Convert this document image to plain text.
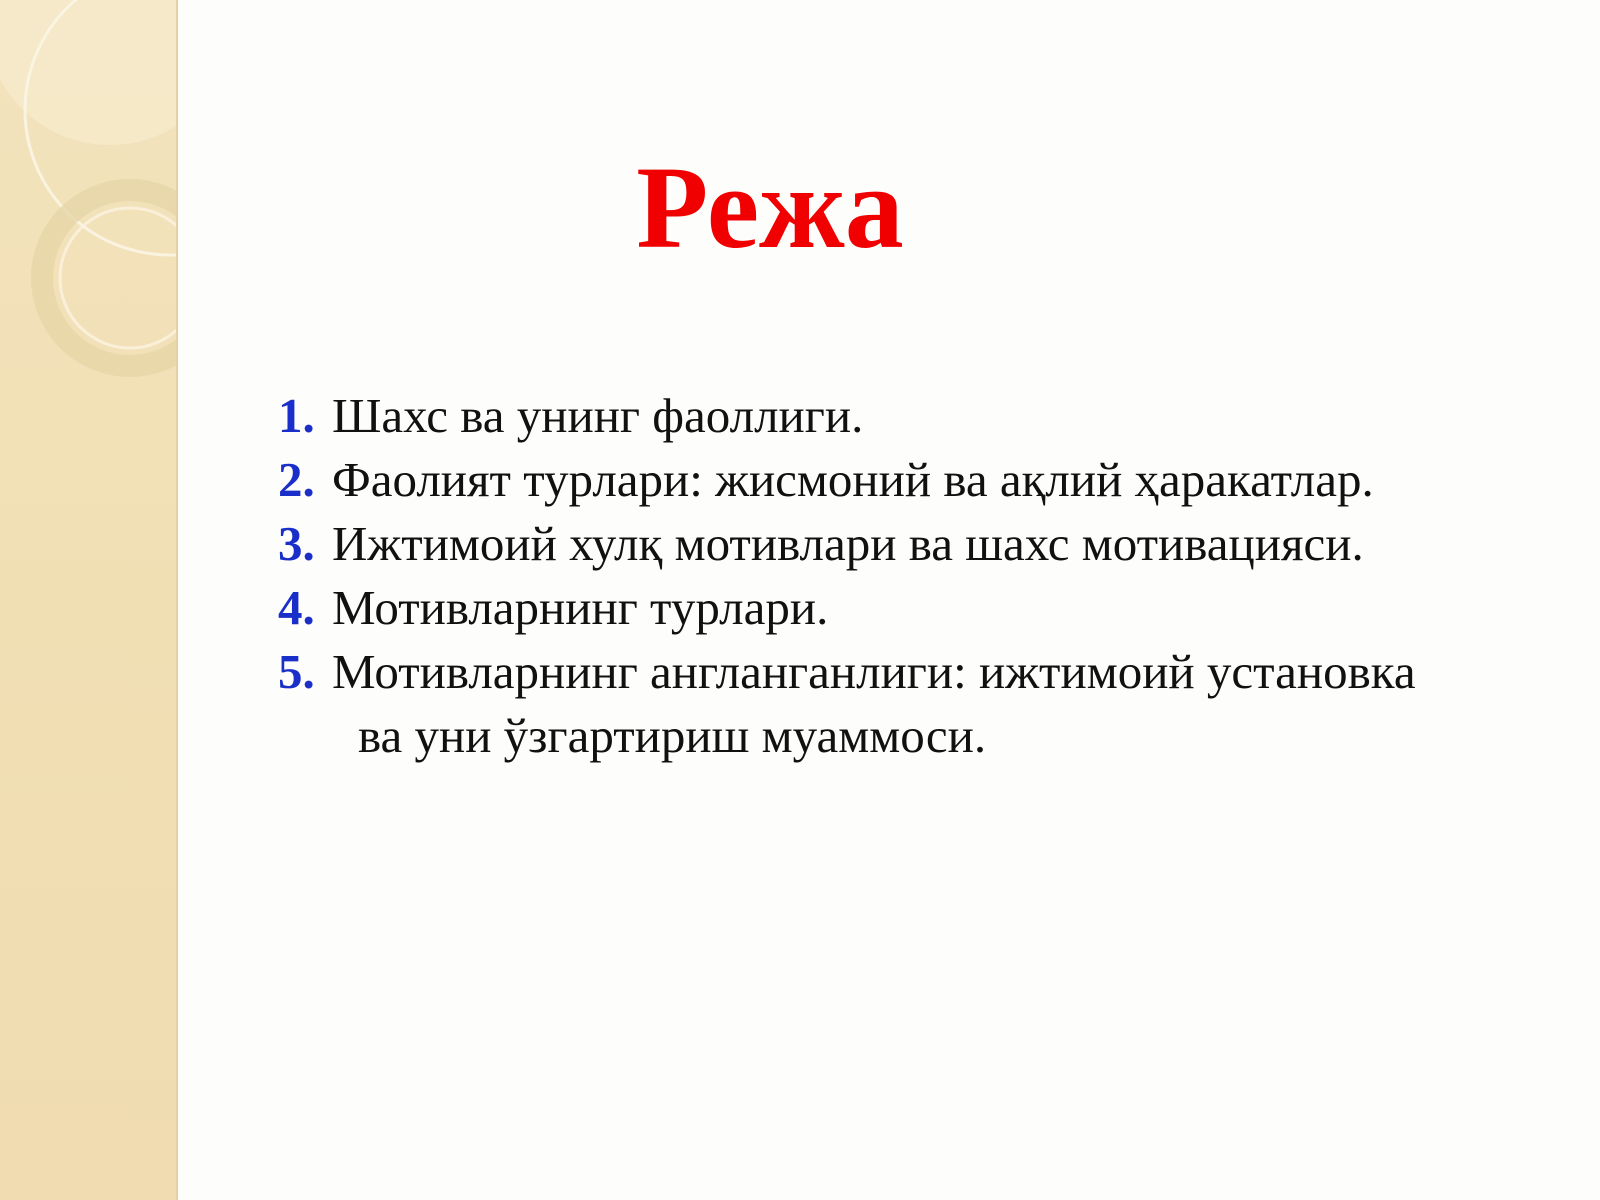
Режа
1. Шахс ва унинг фаоллиги.
2. Фаолият турлари: жисмоний ва ақлий ҳаракатлар.
3. Ижтимоий хулқ мотивлари ва шахс мотивацияси.
4. Мотивларнинг турлари.
5. Мотивларнинг англанганлиги: ижтимоий установка
ва уни ўзгартириш муаммоси.
